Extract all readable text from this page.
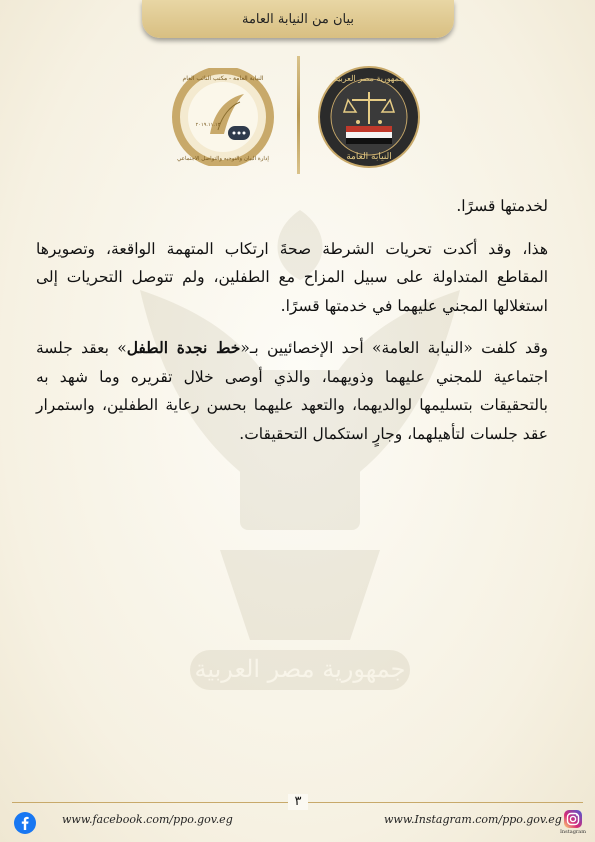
جمهورية مصر العربية
بيان من النيابة العامة
جمهورية مصر العربية
النيابة العامة
النيابة العامة - مكتب النائب العام
إدارة البيان والتوجيه والتواصل الاجتماعي
٢٠١٩.١١.١٣

لخدمتها قسرًا.

هذا، وقد أكدت تحريات الشرطة صحةَ ارتكاب المتهمة الواقعة، وتصويرها المقاطع المتداولة على سبيل المزاح مع الطفلين، ولم تتوصل التحريات إلى استغلالها المجني عليهما في خدمتها قسرًا.

وقد كلفت «النيابة العامة» أحد الإخصائيين بـ«خط نجدة الطفل» بعقد جلسة اجتماعية للمجني عليهما وذويهما، والذي أوصى خلال تقريره وما شهد به بالتحقيقات بتسليمها لوالديهما، والتعهد عليهما بحسن رعاية الطفلين، واستمرار عقد جلسات لتأهيلهما، وجارٍ استكمال التحقيقات.

٣
www.facebook.com/ppo.gov.eg	www.Instagram.com/ppo.gov.eg
Instagram
